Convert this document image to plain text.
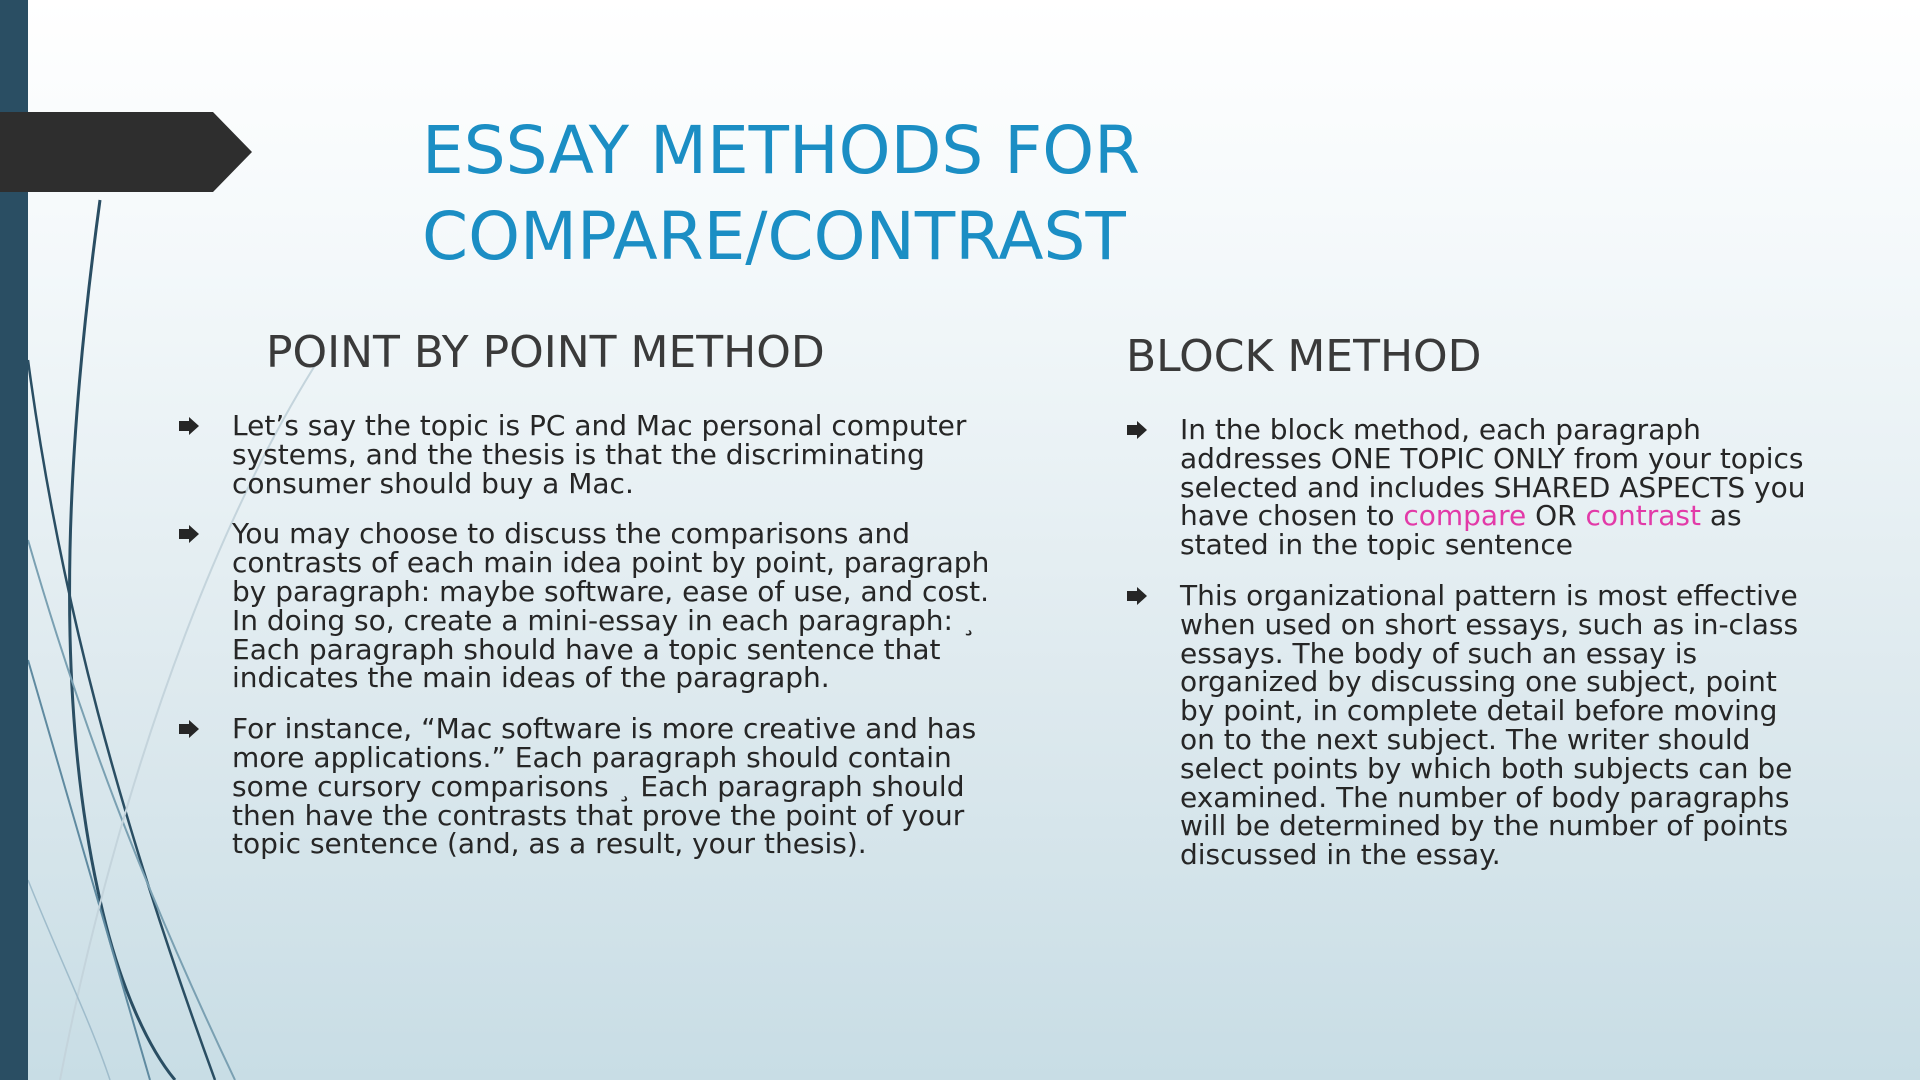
ESSAY METHODS FOR
COMPARE/CONTRAST
POINT BY POINT METHOD
Let’s say the topic is PC and Mac personal computer systems, and the thesis is that the discriminating consumer should buy a Mac.
You may choose to discuss the comparisons and contrasts of each main idea point by point, paragraph by paragraph: maybe software, ease of use, and cost. In doing so, create a mini-essay in each paragraph: ¸ Each paragraph should have a topic sentence that indicates the main ideas of the paragraph.
For instance, “Mac software is more creative and has more applications.” Each paragraph should contain some cursory comparisons ¸ Each paragraph should then have the contrasts that prove the point of your topic sentence (and, as a result, your thesis).
BLOCK METHOD
In the block method, each paragraph addresses ONE TOPIC ONLY from your topics selected and includes SHARED ASPECTS you have chosen to compare OR contrast as stated in the topic sentence
This organizational pattern is most effective when used on short essays, such as in-class essays. The body of such an essay is organized by discussing one subject, point by point, in complete detail before moving on to the next subject. The writer should select points by which both subjects can be examined. The number of body paragraphs will be determined by the number of points discussed in the essay.
